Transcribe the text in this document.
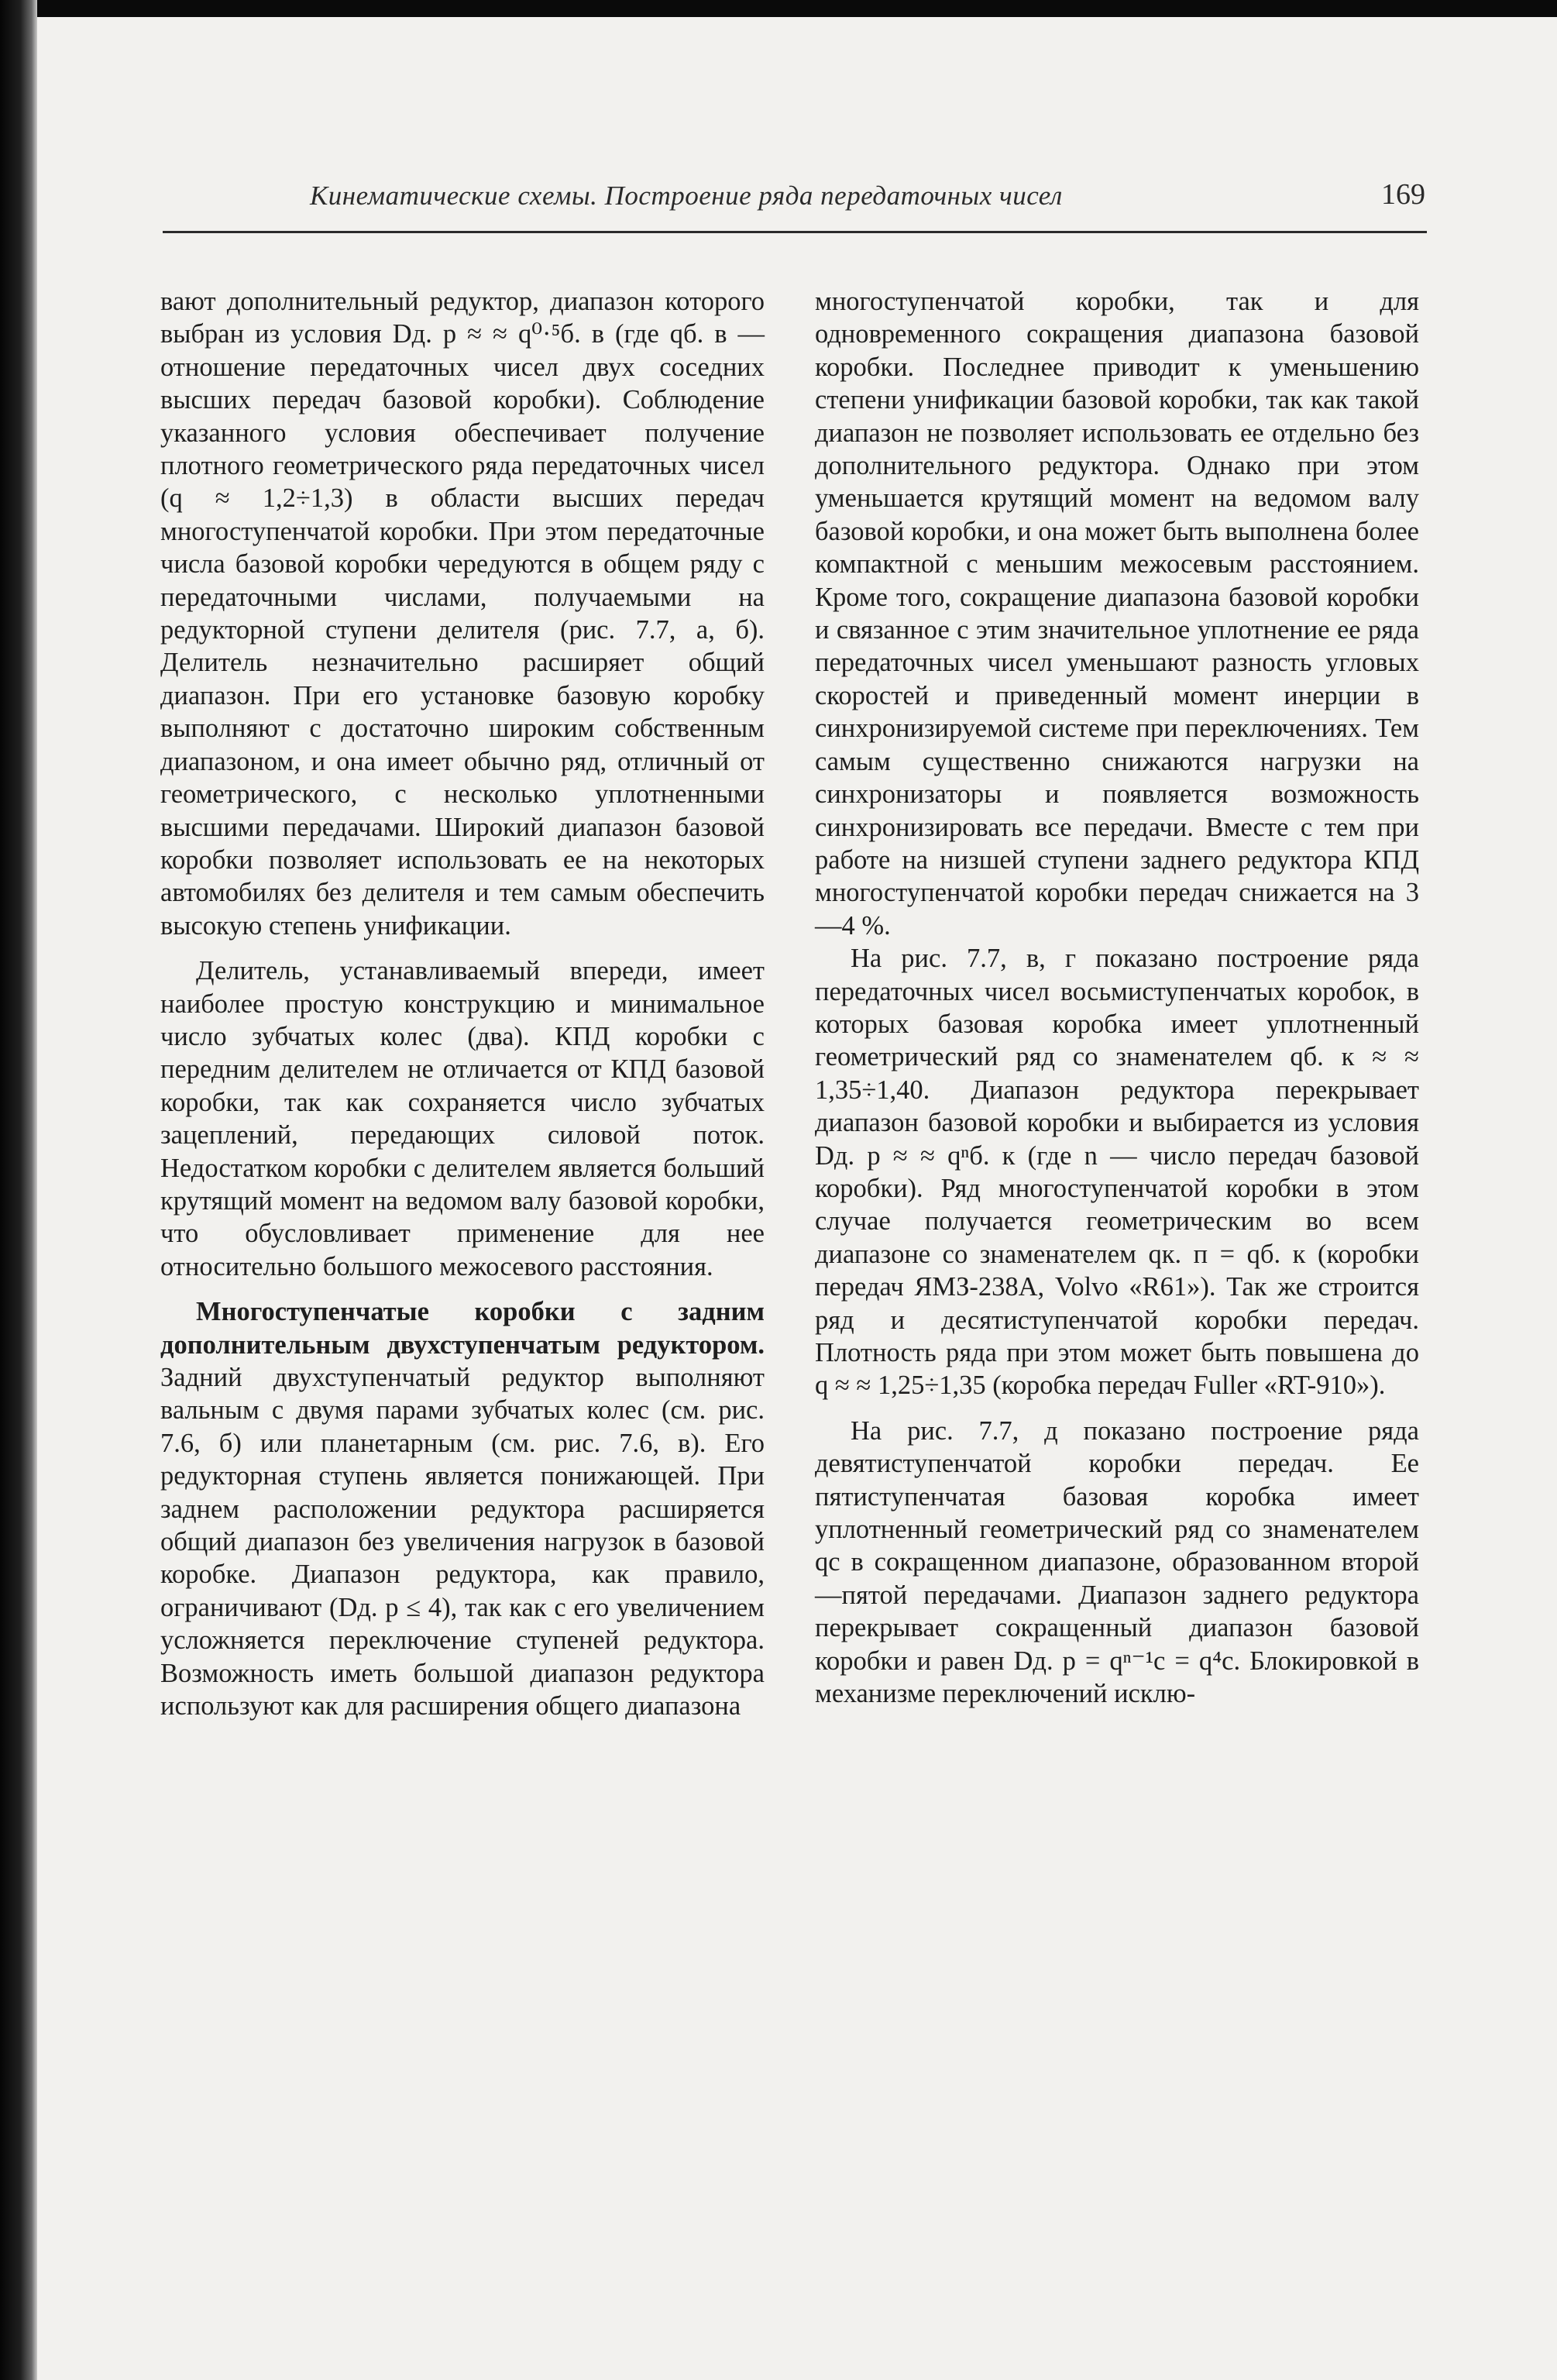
Кинематические схемы. Построение ряда передаточных чисел	169

вают дополнительный редуктор, диапазон которого выбран из условия Dд. р ≈ ≈ q⁰·⁵б. в (где qб. в — отношение передаточных чисел двух соседних высших передач базовой коробки). Соблюдение указанного условия обеспечивает получение плотного геометрического ряда передаточных чисел (q ≈ 1,2÷1,3) в области высших передач многоступенчатой коробки. При этом передаточные числа базовой коробки чередуются в общем ряду с передаточными числами, получаемыми на редукторной ступени делителя (рис. 7.7, а, б). Делитель незначительно расширяет общий диапазон. При его установке базовую коробку выполняют с достаточно широким собственным диапазоном, и она имеет обычно ряд, отличный от геометрического, с несколько уплотненными высшими передачами. Широкий диапазон базовой коробки позволяет использовать ее на некоторых автомобилях без делителя и тем самым обеспечить высокую степень унификации.

Делитель, устанавливаемый впереди, имеет наиболее простую конструкцию и минимальное число зубчатых колес (два). КПД коробки с передним делителем не отличается от КПД базовой коробки, так как сохраняется число зубчатых зацеплений, передающих силовой поток. Недостатком коробки с делителем является больший крутящий момент на ведомом валу базовой коробки, что обусловливает применение для нее относительно большого межосевого расстояния.

Многоступенчатые коробки с задним дополнительным двухступенчатым редуктором. Задний двухступенчатый редуктор выполняют вальным с двумя парами зубчатых колес (см. рис. 7.6, б) или планетарным (см. рис. 7.6, в). Его редукторная ступень является понижающей. При заднем расположении редуктора расширяется общий диапазон без увеличения нагрузок в базовой коробке. Диапазон редуктора, как правило, ограничивают (Dд. р ≤ 4), так как с его увеличением усложняется переключение ступеней редуктора. Возможность иметь большой диапазон редуктора используют как для расширения общего диапазона

многоступенчатой коробки, так и для одновременного сокращения диапазона базовой коробки. Последнее приводит к уменьшению степени унификации базовой коробки, так как такой диапазон не позволяет использовать ее отдельно без дополнительного редуктора. Однако при этом уменьшается крутящий момент на ведомом валу базовой коробки, и она может быть выполнена более компактной с меньшим межосевым расстоянием. Кроме того, сокращение диапазона базовой коробки и связанное с этим значительное уплотнение ее ряда передаточных чисел уменьшают разность угловых скоростей и приведенный момент инерции в синхронизируемой системе при переключениях. Тем самым существенно снижаются нагрузки на синхронизаторы и появляется возможность синхронизировать все передачи. Вместе с тем при работе на низшей ступени заднего редуктора КПД многоступенчатой коробки передач снижается на 3—4 %.

На рис. 7.7, в, г показано построение ряда передаточных чисел восьмиступенчатых коробок, в которых базовая коробка имеет уплотненный геометрический ряд со знаменателем qб. к ≈ ≈ 1,35÷1,40. Диапазон редуктора перекрывает диапазон базовой коробки и выбирается из условия Dд. р ≈ ≈ qⁿб. к (где n — число передач базовой коробки). Ряд многоступенчатой коробки в этом случае получается геометрическим во всем диапазоне со знаменателем qк. п = qб. к (коробки передач ЯМЗ-238А, Volvo «R61»). Так же строится ряд и десятиступенчатой коробки передач. Плотность ряда при этом может быть повышена до q ≈ ≈ 1,25÷1,35 (коробка передач Fuller «RT-910»).

На рис. 7.7, д показано построение ряда девятиступенчатой коробки передач. Ее пятиступенчатая базовая коробка имеет уплотненный геометрический ряд со знаменателем qс в сокращенном диапазоне, образованном второй—пятой передачами. Диапазон заднего редуктора перекрывает сокращенный диапазон базовой коробки и равен Dд. р = qⁿ⁻¹с = q⁴с. Блокировкой в механизме переключений исклю-
